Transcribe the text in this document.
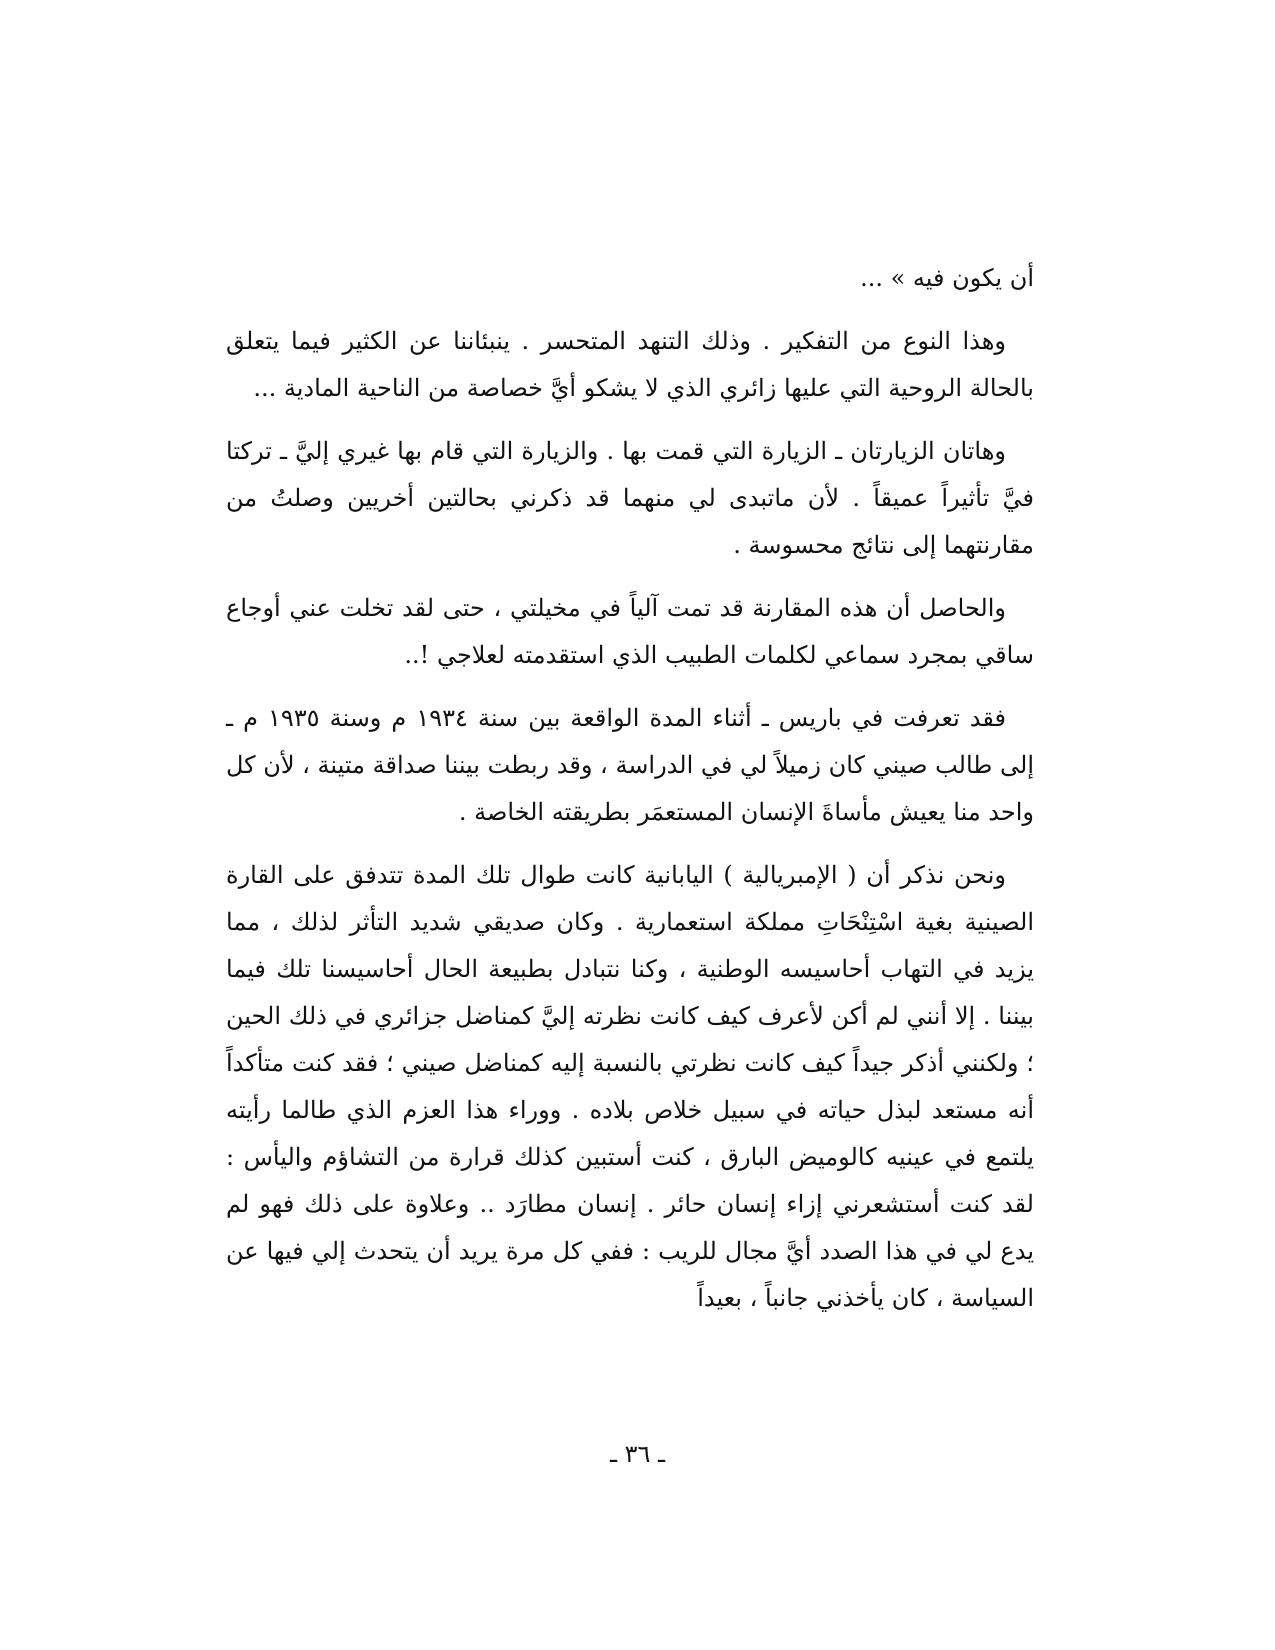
أن يكون فيه » ...

وهذا النوع من التفكير . وذلك التنهد المتحسر . ينبئاننا عن الكثير فيما يتعلق بالحالة الروحية التي عليها زائري الذي لا يشكو أيَّ خصاصة من الناحية المادية ...

وهاتان الزيارتان ـ الزيارة التي قمت بها . والزيارة التي قام بها غيري إليَّ ـ تركتا فيَّ تأثيراً عميقاً . لأن ماتبدى لي منهما قد ذكرني بحالتين أخريين وصلتُ من مقارنتهما إلى نتائج محسوسة .

والحاصل أن هذه المقارنة قد تمت آلياً في مخيلتي ، حتى لقد تخلت عني أوجاع ساقي بمجرد سماعي لكلمات الطبيب الذي استقدمته لعلاجي !..

فقد تعرفت في باريس ـ أثناء المدة الواقعة بين سنة ١٩٣٤ م وسنة ١٩٣٥ م ـ إلى طالب صيني كان زميلاً لي في الدراسة ، وقد ربطت بيننا صداقة متينة ، لأن كل واحد منا يعيش مأساةَ الإنسان المستعمَر بطريقته الخاصة .

ونحن نذكر أن ( الإمبريالية ) اليابانية كانت طوال تلك المدة تتدفق على القارة الصينية بغية اسْتِنْحَاتِ مملكة استعمارية . وكان صديقي شديد التأثر لذلك ، مما يزيد في التهاب أحاسيسه الوطنية ، وكنا نتبادل بطبيعة الحال أحاسيسنا تلك فيما بيننا . إلا أنني لم أكن لأعرف كيف كانت نظرته إليَّ كمناضل جزائري في ذلك الحين ؛ ولكنني أذكر جيداً كيف كانت نظرتي بالنسبة إليه كمناضل صيني ؛ فقد كنت متأكداً أنه مستعد لبذل حياته في سبيل خلاص بلاده . ووراء هذا العزم الذي طالما رأيته يلتمع في عينيه كالوميض البارق ، كنت أستبين كذلك قرارة من التشاؤم واليأس : لقد كنت أستشعرني إزاء إنسان حائر . إنسان مطارَد .. وعلاوة على ذلك فهو لم يدع لي في هذا الصدد أيَّ مجال للريب : ففي كل مرة يريد أن يتحدث إلي فيها عن السياسة ، كان يأخذني جانباً ، بعيداً

ـ ٣٦ ـ
